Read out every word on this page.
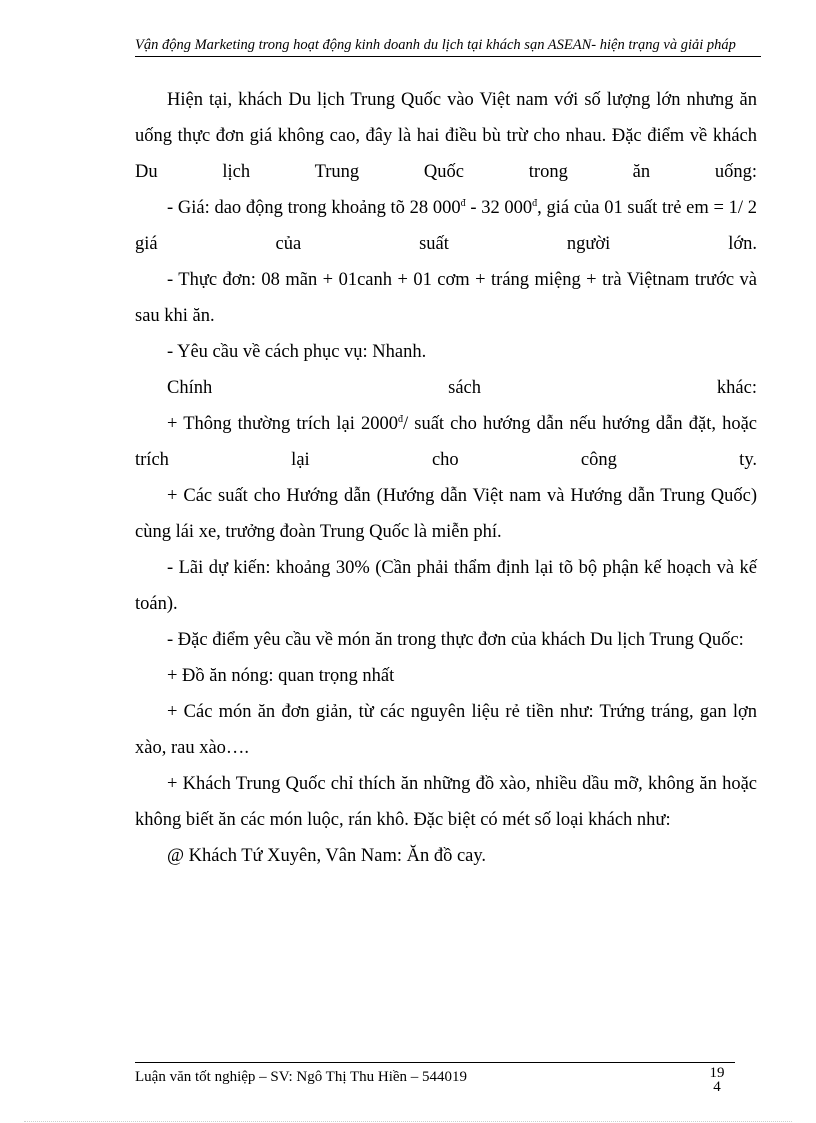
Vận động Marketing trong hoạt động kinh doanh du lịch tại khách sạn ASEAN- hiện trạng và giải pháp

Hiện tại, khách Du lịch Trung Quốc vào Việt nam với số lượng lớn nhưng ăn uống thực đơn giá không cao, đây là hai điều bù trừ cho nhau. Đặc điểm về khách Du lịch Trung Quốc trong ăn uống:

- Giá: dao động trong khoảng tõ 28 $000^đ - 32$ $000^đ$, giá của 01 suất trẻ em = 1/ 2 giá của suất người lớn.

- Thực đơn: 08 mãn + 01canh + 01 cơm + tráng miệng + trà Việtnam trước và sau khi ăn.

- Yêu cầu về cách phục vụ: Nhanh.

Chính sách khác:

+ Thông thường trích lại $2000^đ/$ suất cho hướng dẫn nếu hướng dẫn đặt, hoặc trích lại cho công ty.

+ Các suất cho Hướng dẫn (Hướng dẫn Việt nam và Hướng dẫn Trung Quốc) cùng lái xe, trưởng đoàn Trung Quốc là miễn phí.

- Lãi dự kiến: khoảng 30% (Cần phải thẩm định lại tõ bộ phận kế hoạch và kế toán).

- Đặc điểm yêu cầu về món ăn trong thực đơn của khách Du lịch Trung Quốc:

+ Đồ ăn nóng: quan trọng nhất

+ Các món ăn đơn giản, từ các nguyên liệu rẻ tiền như: Trứng tráng, gan lợn xào, rau xào….

+ Khách Trung Quốc chỉ thích ăn những đồ xào, nhiều dầu mỡ, không ăn hoặc không biết ăn các món luộc, rán khô. Đặc biệt có mét số loại khách như:

@ Khách Tứ Xuyên, Vân Nam: Ăn đồ cay.

Luận văn tốt nghiệp – SV: Ngô Thị Thu Hiền – 544019	19
4
